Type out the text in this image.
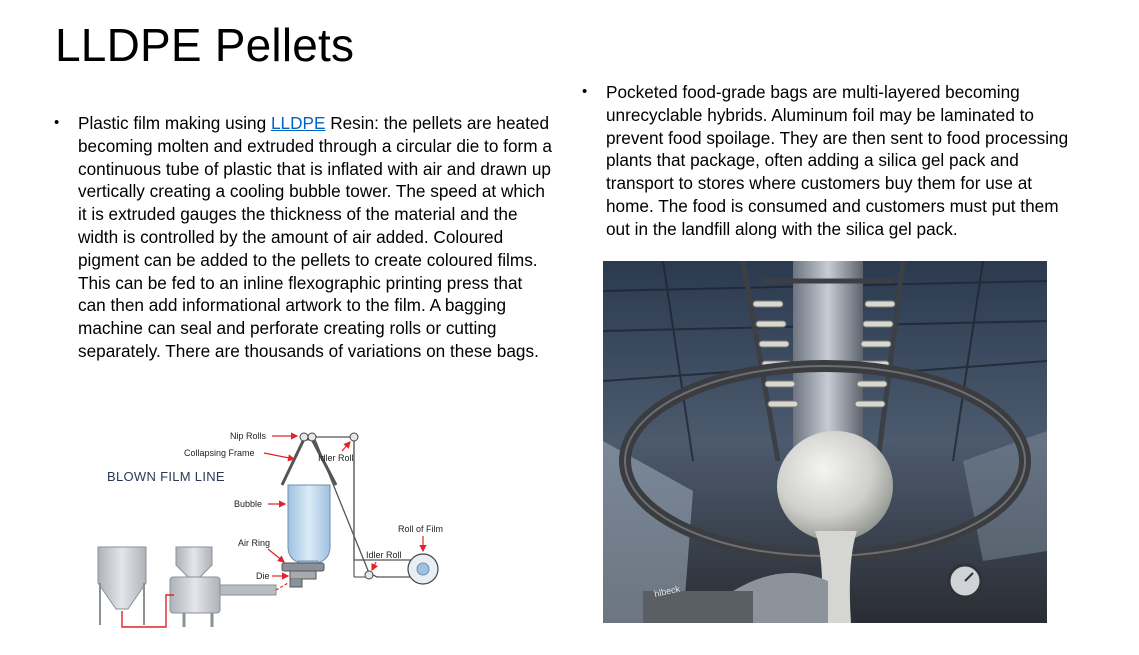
LLDPE Pellets
• Plastic film making using LLDPE Resin: the pellets are heated becoming molten and extruded through a circular die to form a continuous tube of plastic that is inflated with air and drawn up vertically creating a cooling bubble tower. The speed at which it is extruded gauges the thickness of the material and the width is controlled by the amount of air added. Coloured pigment can be added to the pellets to create coloured films. This can be fed to an inline flexographic printing press that can then add informational artwork to the film. A bagging machine can seal and perforate creating rolls or cutting separately. There are thousands of variations on these bags.
• Pocketed food-grade bags are multi-layered becoming unrecyclable hybrids. Aluminum foil may be laminated to prevent food spoilage. They are then sent to food processing plants that package, often adding a silica gel pack and transport to stores where customers buy them for use at home. The food is consumed and customers must put them out in the landfill along with the silica gel pack.
BLOWN FILM LINE
Nip Rolls
Collapsing Frame	Idler Roll
Bubble
Air Ring
Die
Roll of Film
Idler Roll
hlbeck
